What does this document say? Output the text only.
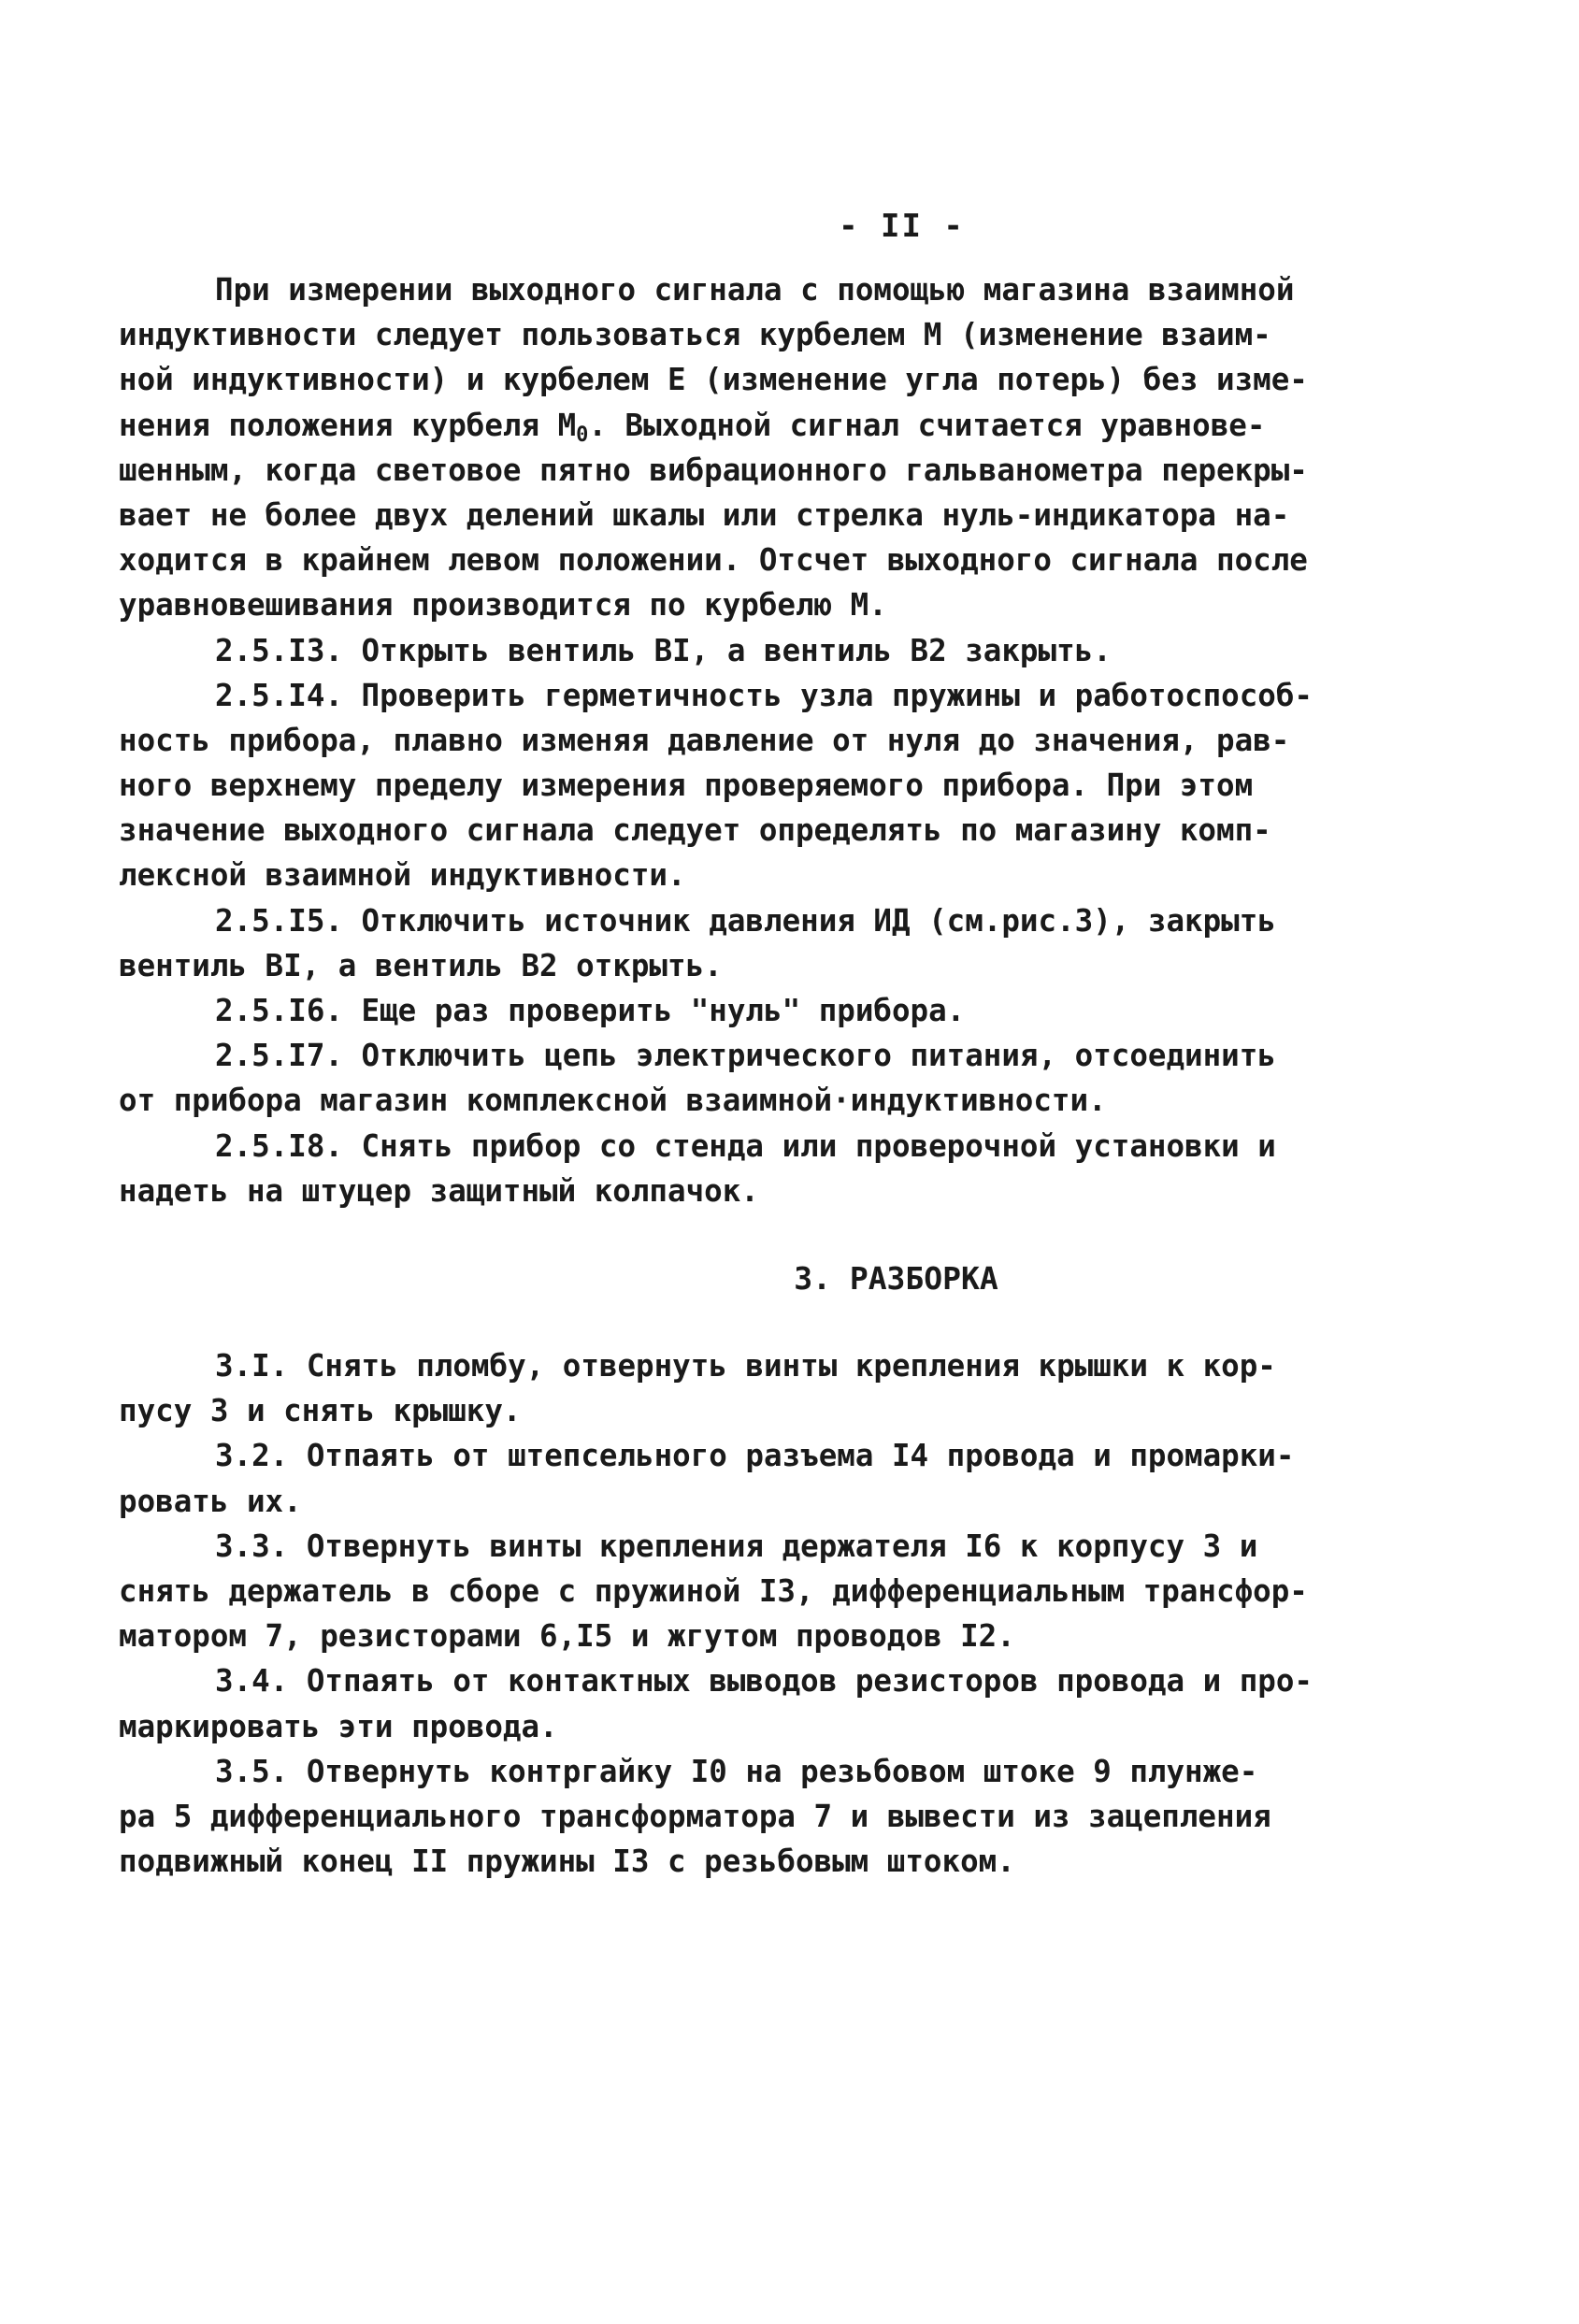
- II -
При измерении выходного сигнала с помощью магазина взаимной
индуктивности следует пользоваться курбелем М (изменение взаим-
ной индуктивности) и курбелем Е (изменение угла потерь) без изме-
нения положения курбеля $М_0$. Выходной сигнал считается уравнове-
шенным, когда световое пятно вибрационного гальванометра перекры-
вает не более двух делений шкалы или стрелка нуль-индикатора на-
ходится в крайнем левом положении. Отсчет выходного сигнала после
уравновешивания производится по курбелю М.
2.5.I3. Открыть вентиль BI, а вентиль В2 закрыть.
2.5.I4. Проверить герметичность узла пружины и работоспособ-
ность прибора, плавно изменяя давление от нуля до значения, рав-
ного верхнему пределу измерения проверяемого прибора. При этом
значение выходного сигнала следует определять по магазину комп-
лексной взаимной индуктивности.
2.5.I5. Отключить источник давления ИД (см.рис.3), закрыть
вентиль BI, а вентиль В2 открыть.
2.5.I6. Еще раз проверить "нуль" прибора.
2.5.I7. Отключить цепь электрического питания, отсоединить
от прибора магазин комплексной взаимной·индуктивности.
2.5.I8. Снять прибор со стенда или проверочной установки и
надеть на штуцер защитный колпачок.
3. РАЗБОРКА
3.I. Снять пломбу, отвернуть винты крепления крышки к кор-
пусу 3 и снять крышку.
3.2. Отпаять от штепсельного разъема I4 провода и промарки-
ровать их.
3.3. Отвернуть винты крепления держателя I6 к корпусу 3 и
снять держатель в сборе с пружиной I3, дифференциальным трансфор-
матором 7, резисторами 6,I5 и жгутом проводов I2.
3.4. Отпаять от контактных выводов резисторов провода и про-
маркировать эти провода.
3.5. Отвернуть контргайку I0 на резьбовом штоке 9 плунже-
ра 5 дифференциального трансформатора 7 и вывести из зацепления
подвижный конец II пружины I3 с резьбовым штоком.
